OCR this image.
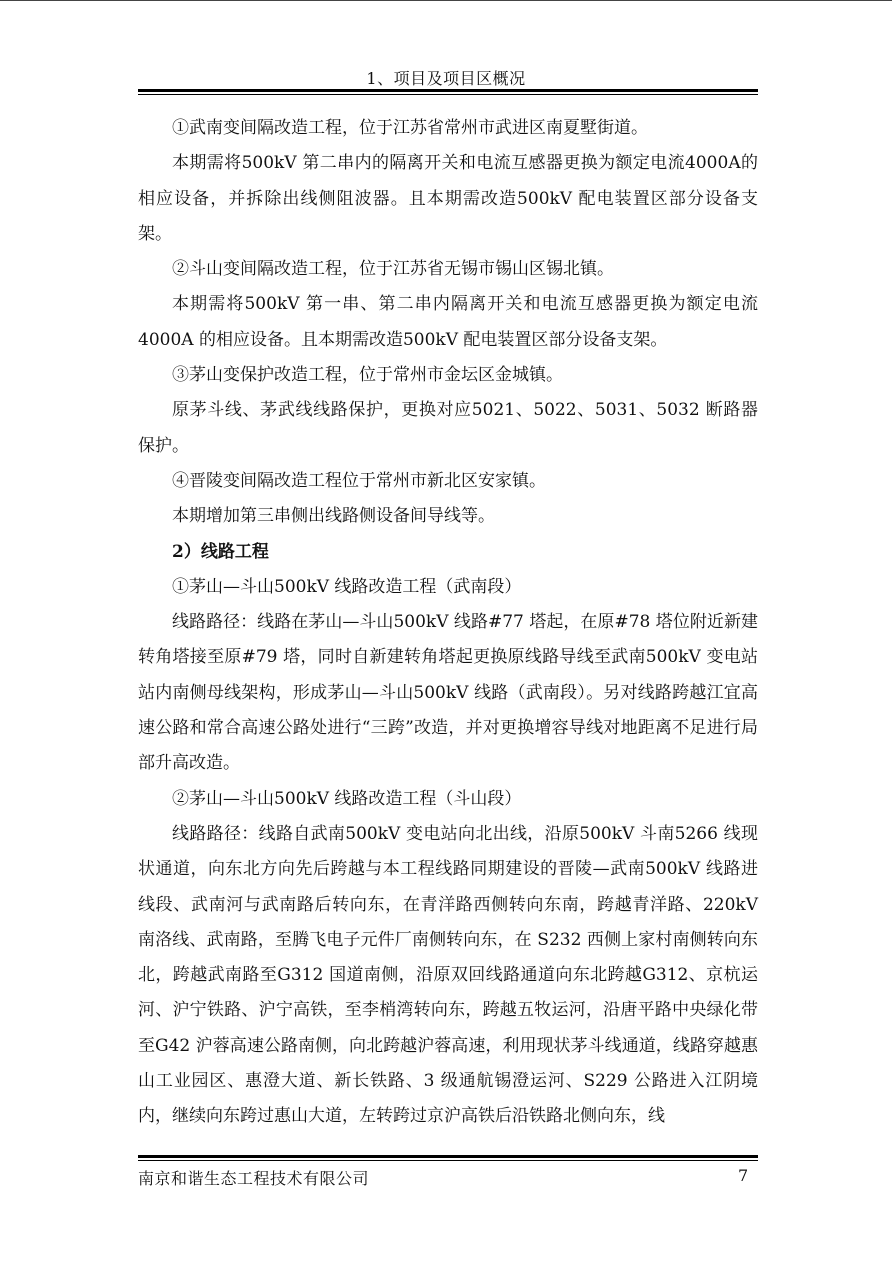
1、项目及项目区概况

①武南变间隔改造工程，位于江苏省常州市武进区南夏墅街道。

本期需将500kV 第二串内的隔离开关和电流互感器更换为额定电流4000A的相应设备，并拆除出线侧阻波器。且本期需改造500kV 配电装置区部分设备支架。

②斗山变间隔改造工程，位于江苏省无锡市锡山区锡北镇。

本期需将500kV 第一串、第二串内隔离开关和电流互感器更换为额定电流4000A 的相应设备。且本期需改造500kV 配电装置区部分设备支架。

③茅山变保护改造工程，位于常州市金坛区金城镇。

原茅斗线、茅武线线路保护，更换对应5021、5022、5031、5032 断路器保护。

④晋陵变间隔改造工程位于常州市新北区安家镇。

本期增加第三串侧出线路侧设备间导线等。

2）线路工程

①茅山—斗山500kV 线路改造工程（武南段）

线路路径：线路在茅山—斗山500kV 线路#77 塔起，在原#78 塔位附近新建转角塔接至原#79 塔，同时自新建转角塔起更换原线路导线至武南500kV 变电站站内南侧母线架构，形成茅山—斗山500kV 线路（武南段）。另对线路跨越江宜高速公路和常合高速公路处进行“三跨”改造，并对更换增容导线对地距离不足进行局部升高改造。

②茅山—斗山500kV 线路改造工程（斗山段）

线路路径：线路自武南500kV 变电站向北出线，沿原500kV 斗南5266 线现状通道，向东北方向先后跨越与本工程线路同期建设的晋陵—武南500kV 线路进线段、武南河与武南路后转向东，在青洋路西侧转向东南，跨越青洋路、220kV 南洛线、武南路，至腾飞电子元件厂南侧转向东，在 S232 西侧上家村南侧转向东北，跨越武南路至G312 国道南侧，沿原双回线路通道向东北跨越G312、京杭运河、沪宁铁路、沪宁高铁，至李梢湾转向东，跨越五牧运河，沿唐平路中央绿化带至G42 沪蓉高速公路南侧，向北跨越沪蓉高速，利用现状茅斗线通道，线路穿越惠山工业园区、惠澄大道、新长铁路、3 级通航锡澄运河、S229 公路进入江阴境内，继续向东跨过惠山大道，左转跨过京沪高铁后沿铁路北侧向东，线

南京和谐生态工程技术有限公司	7
